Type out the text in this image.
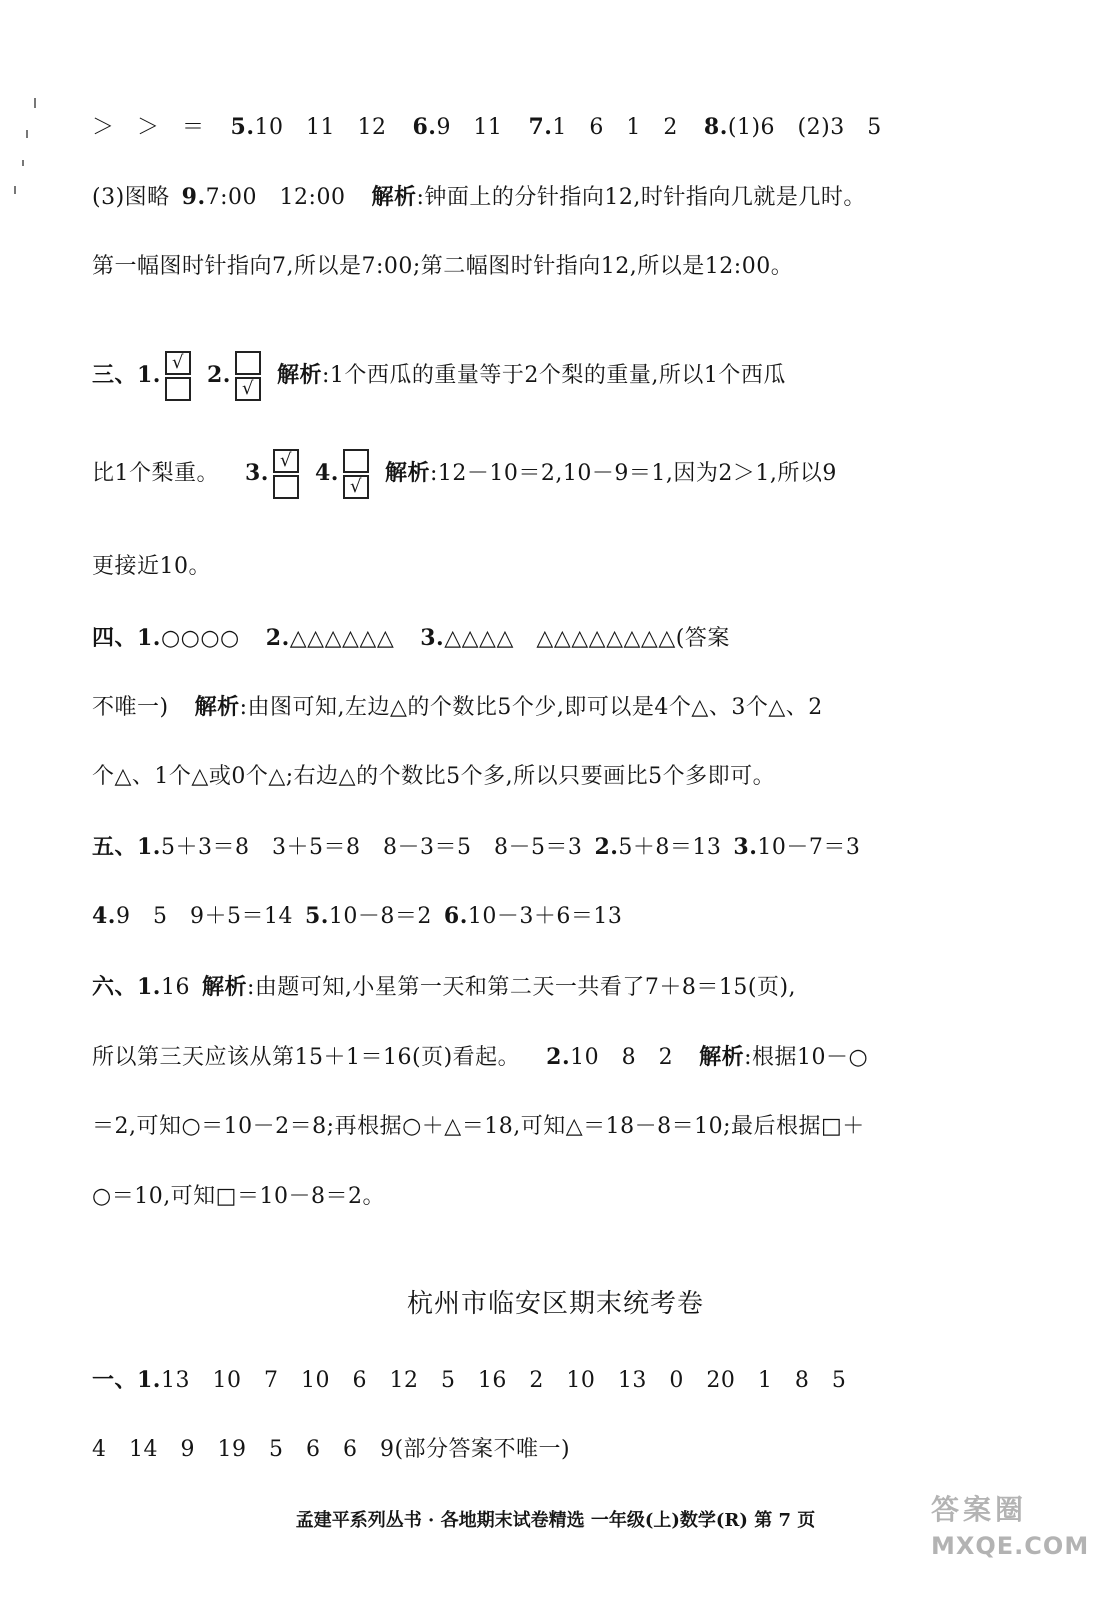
＞　＞　＝ 5.10　11　12 6.9　11 7.1　6　1　2 8.(1)6　(2)3　5
(3)图略 9.7:00　12:00 解析:钟面上的分针指向12,时针指向几就是几时。
第一幅图时针指向7,所以是7:00;第二幅图时针指向12,所以是12:00。
三、1. √	2.
√
解析:1个西瓜的重量等于2个梨的重量,所以1个西瓜
比1个梨重。 3. √	4.
√
解析:12－10＝2,10－9＝1,因为2＞1,所以9
更接近10。
四、1.○○○○ 2.△△△△△△ 3.△△△△　△△△△△△△△(答案
不唯一) 解析:由图可知,左边△的个数比5个少,即可以是4个△、3个△、2
个△、1个△或0个△;右边△的个数比5个多,所以只要画比5个多即可。
五、1.5＋3＝8　3＋5＝8　8－3＝5　8－5＝3 2.5＋8＝13 3.10－7＝3
4.9　5　9＋5＝14 5.10－8＝2 6.10－3＋6＝13
六、1.16 解析:由题可知,小星第一天和第二天一共看了7＋8＝15(页),
所以第三天应该从第15＋1＝16(页)看起。 2.10　8　2 解析:根据10－○
＝2,可知○＝10－2＝8;再根据○＋△＝18,可知△＝18－8＝10;最后根据□＋
○＝10,可知□＝10－8＝2。
杭州市临安区期末统考卷
一、1.13　10　7　10　6　12　5　16　2　10　13　0　20　1　8　5
4　14　9　19　5　6　6　9(部分答案不唯一)
孟建平系列丛书 · 各地期末试卷精选 一年级(上)数学(R) 第 7 页	答案圈
MXQE.COM
